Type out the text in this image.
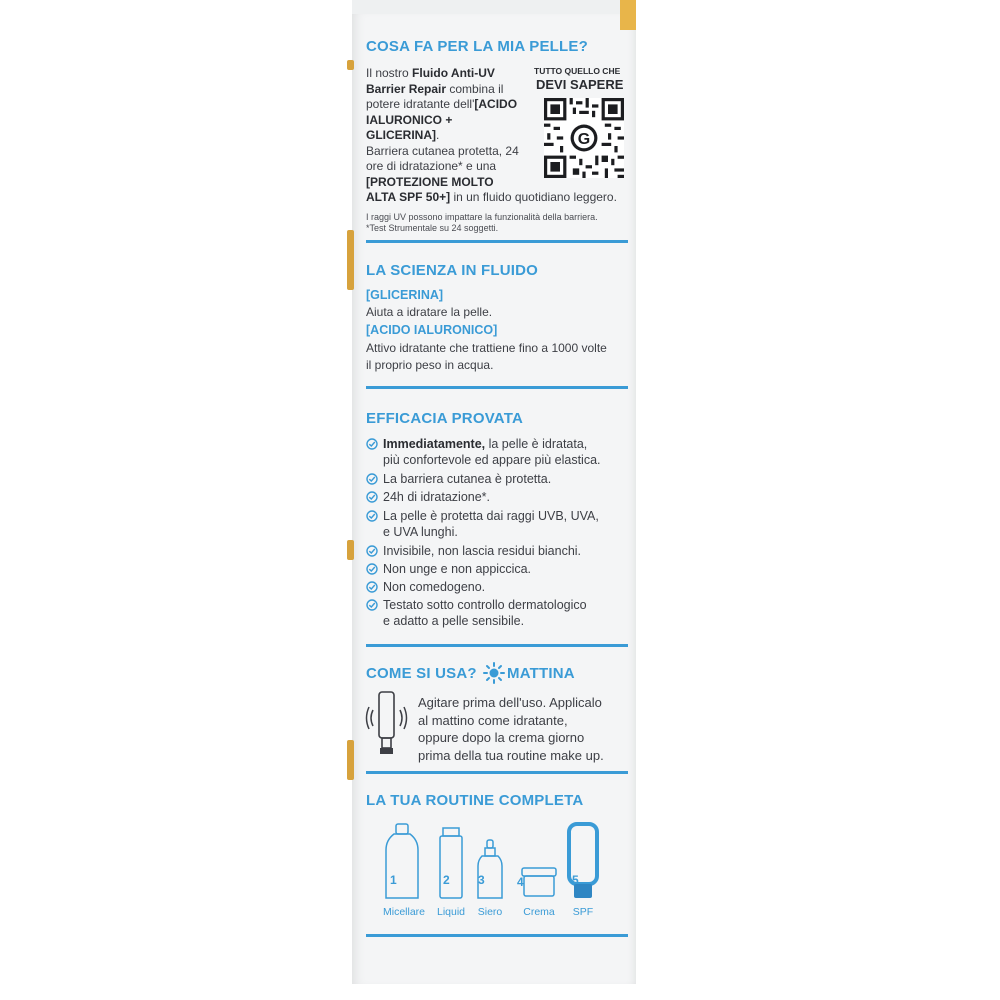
COSA FA PER LA MIA PELLE?
Il nostro Fluido Anti-UV
Barrier Repair combina il
potere idratante dell'[ACIDO
IALURONICO +
GLICERINA].
Barriera cutanea protetta, 24
ore di idratazione* e una
[PROTEZIONE MOLTO
ALTA SPF 50+] in un fluido quotidiano leggero.
I raggi UV possono impattare la funzionalità della barriera.
*Test Strumentale su 24 soggetti.
TUTTO QUELLO CHE
DEVI SAPERE
G
LA SCIENZA IN FLUIDO
[GLICERINA]
Aiuta a idratare la pelle.
[ACIDO IALURONICO]
Attivo idratante che trattiene fino a 1000 volte
il proprio peso in acqua.
EFFICACIA PROVATA
Immediatamente, la pelle è idratata,
più confortevole ed appare più elastica.
La barriera cutanea è protetta.
24h di idratazione*.
La pelle è protetta dai raggi UVB, UVA,
e UVA lunghi.
Invisibile, non lascia residui bianchi.
Non unge e non appiccica.
Non comedogeno.
Testato sotto controllo dermatologico
e adatto a pelle sensibile.
COME SI USA? MATTINA
Agitare prima dell'uso. Applicalo
al mattino come idratante,
oppure dopo la crema giorno
prima della tua routine make up.
LA TUA ROUTINE COMPLETA
1	2 3	4	5
Micellare	Liquid	Siero	Crema	SPF
